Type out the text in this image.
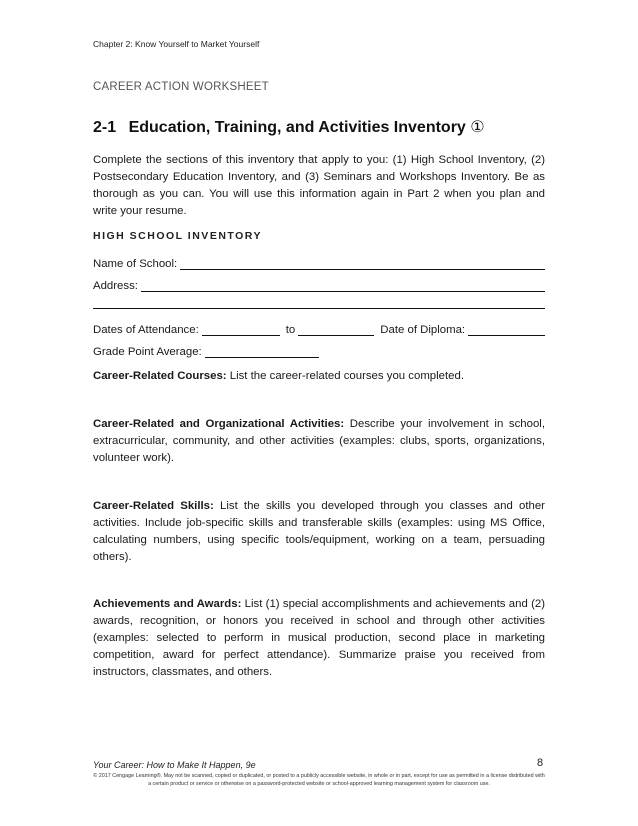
Chapter 2: Know Yourself to Market Yourself
CAREER ACTION WORKSHEET
2-1 Education, Training, and Activities Inventory ①
Complete the sections of this inventory that apply to you: (1) High School Inventory, (2) Postsecondary Education Inventory, and (3) Seminars and Workshops Inventory. Be as thorough as you can. You will use this information again in Part 2 when you plan and write your resume.
HIGH SCHOOL INVENTORY
Name of School:
Address:
Dates of Attendance:	to	Date of Diploma:
Grade Point Average:
Career-Related Courses: List the career-related courses you completed.
Career-Related and Organizational Activities: Describe your involvement in school, extracurricular, community, and other activities (examples: clubs, sports, organizations, volunteer work).
Career-Related Skills: List the skills you developed through you classes and other activities. Include job-specific skills and transferable skills (examples: using MS Office, calculating numbers, using specific tools/equipment, working on a team, persuading others).
Achievements and Awards: List (1) special accomplishments and achievements and (2) awards, recognition, or honors you received in school and through other activities (examples: selected to perform in musical production, second place in marketing competition, award for perfect attendance). Summarize praise you received from instructors, classmates, and others.
Your Career: How to Make It Happen, 9e	8
© 2017 Cengage Learning®. May not be scanned, copied or duplicated, or posted to a publicly accessible website, in whole or in part, except for use as permitted in a license distributed with a certain product or service or otherwise on a password-protected website or school-approved learning management system for classroom use.
